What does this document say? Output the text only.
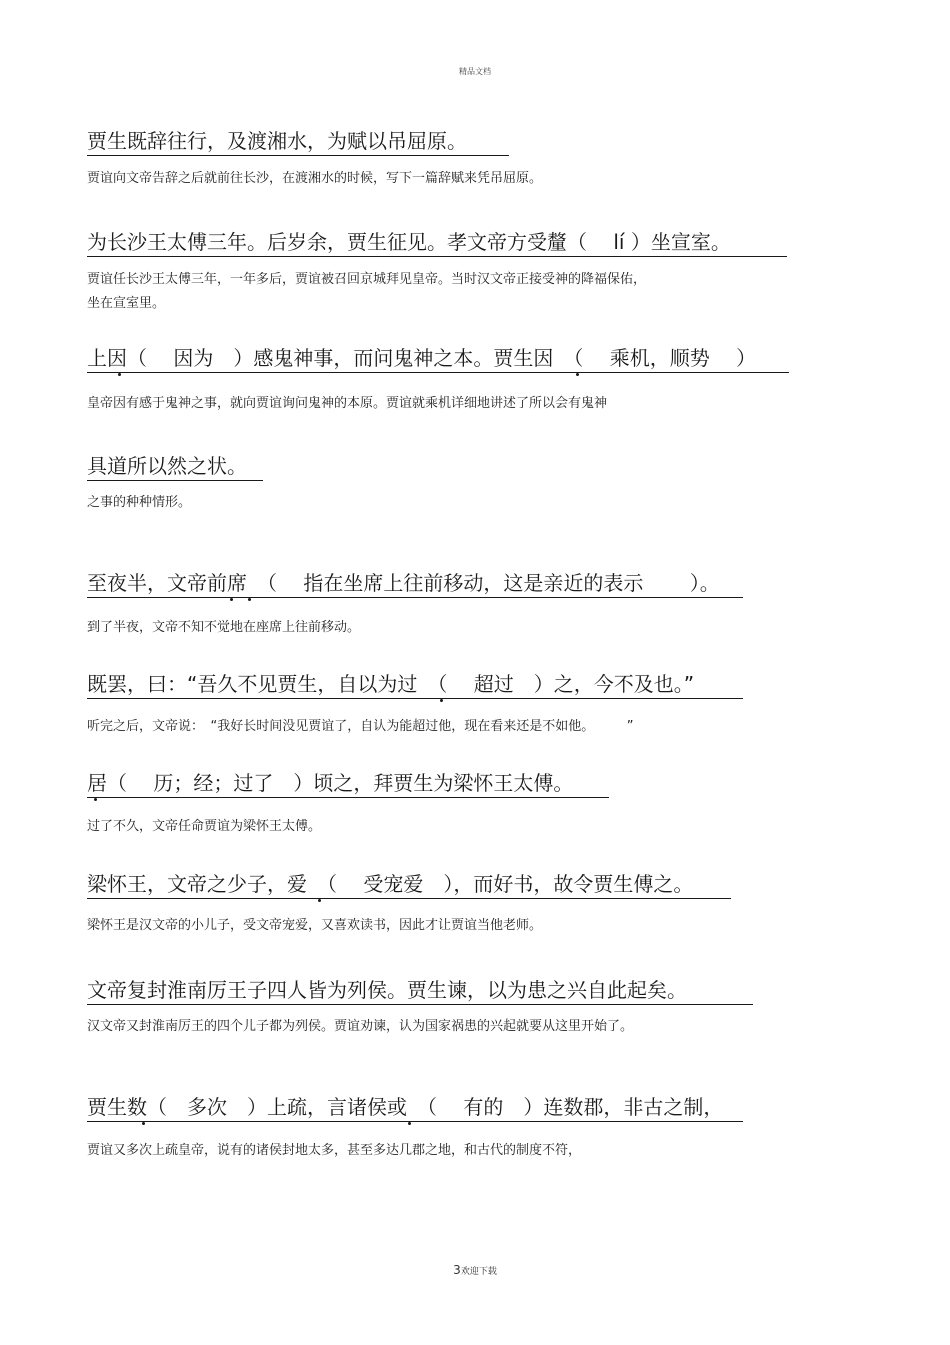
精品文档
贾生既辞往行，及渡湘水，为赋以吊屈原。
贾谊向文帝告辞之后就前往长沙，在渡湘水的时候，写下一篇辞赋来凭吊屈原。
为长沙王太傅三年。后岁余，贾生征见。孝文帝方受釐（　 lí ）坐宣室。
贾谊任长沙王太傅三年，一年多后，贾谊被召回京城拜见皇帝。当时汉文帝正接受神的降福保佑，
坐在宣室里。
上因（　 因为　）感鬼神事，而问鬼神之本。贾生因　（　 乘机，顺势　 ）
皇帝因有感于鬼神之事，就向贾谊询问鬼神的本原。贾谊就乘机详细地讲述了所以会有鬼神
具道所以然之状。
之事的种种情形。
至夜半，文帝前席　（　 指在坐席上往前移动，这是亲近的表示　　 ）。
到了半夜，文帝不知不觉地在座席上往前移动。
既罢，曰：“吾久不见贾生，自以为过　（　 超过　）之，今不及也。”
听完之后，文帝说：　“我好长时间没见贾谊了，自认为能超过他，现在看来还是不如他。　　　”
居（　 历；经；过了　）顷之，拜贾生为梁怀王太傅。
过了不久，文帝任命贾谊为梁怀王太傅。
梁怀王，文帝之少子，爱　（　 受宠爱　），而好书，故令贾生傅之。
梁怀王是汉文帝的小儿子，受文帝宠爱，又喜欢读书，因此才让贾谊当他老师。
文帝复封淮南厉王子四人皆为列侯。贾生谏，以为患之兴自此起矣。
汉文帝又封淮南厉王的四个儿子都为列侯。贾谊劝谏，认为国家祸患的兴起就要从这里开始了。
贾生数（　多次　）上疏，言诸侯或　（　 有的　）连数郡，非古之制，
贾谊又多次上疏皇帝，说有的诸侯封地太多，甚至多达几郡之地，和古代的制度不符，
3欢迎下载
